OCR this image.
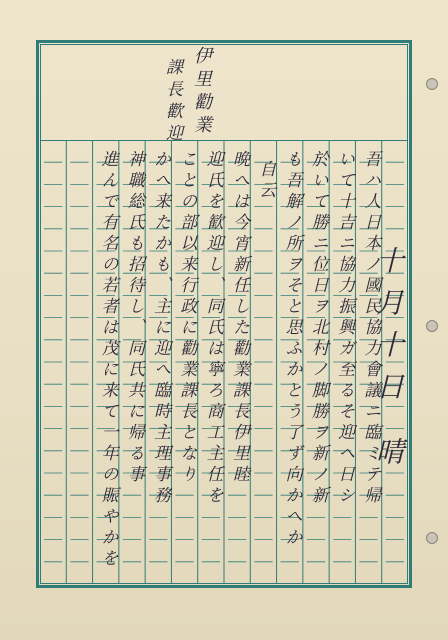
伊里勸業
課長歡迎
十月十日 晴
吾ハ人日本ノ國民協力會議ニ臨ミテ帰
いて十吉ニ協力振興ガ至るそ迎ヘ日シ
於いて勝ニ位日ヲ北村ノ脚勝ヲ新ノ新
も吾解ノ所ヲそと思ふかとう了ず向かへか
自云
晩へは今宵新任した勸業課長伊里睦
迎氏を歓迎し、同氏は寧ろ商工主任を
ことの部以来行政に勸業課長となり
かへ来たかも、主に迎へ臨時主理事務
神職総氏も招待し、同氏共に帰る事
進んで有名の若者は茂に来て一年の賑やかを
